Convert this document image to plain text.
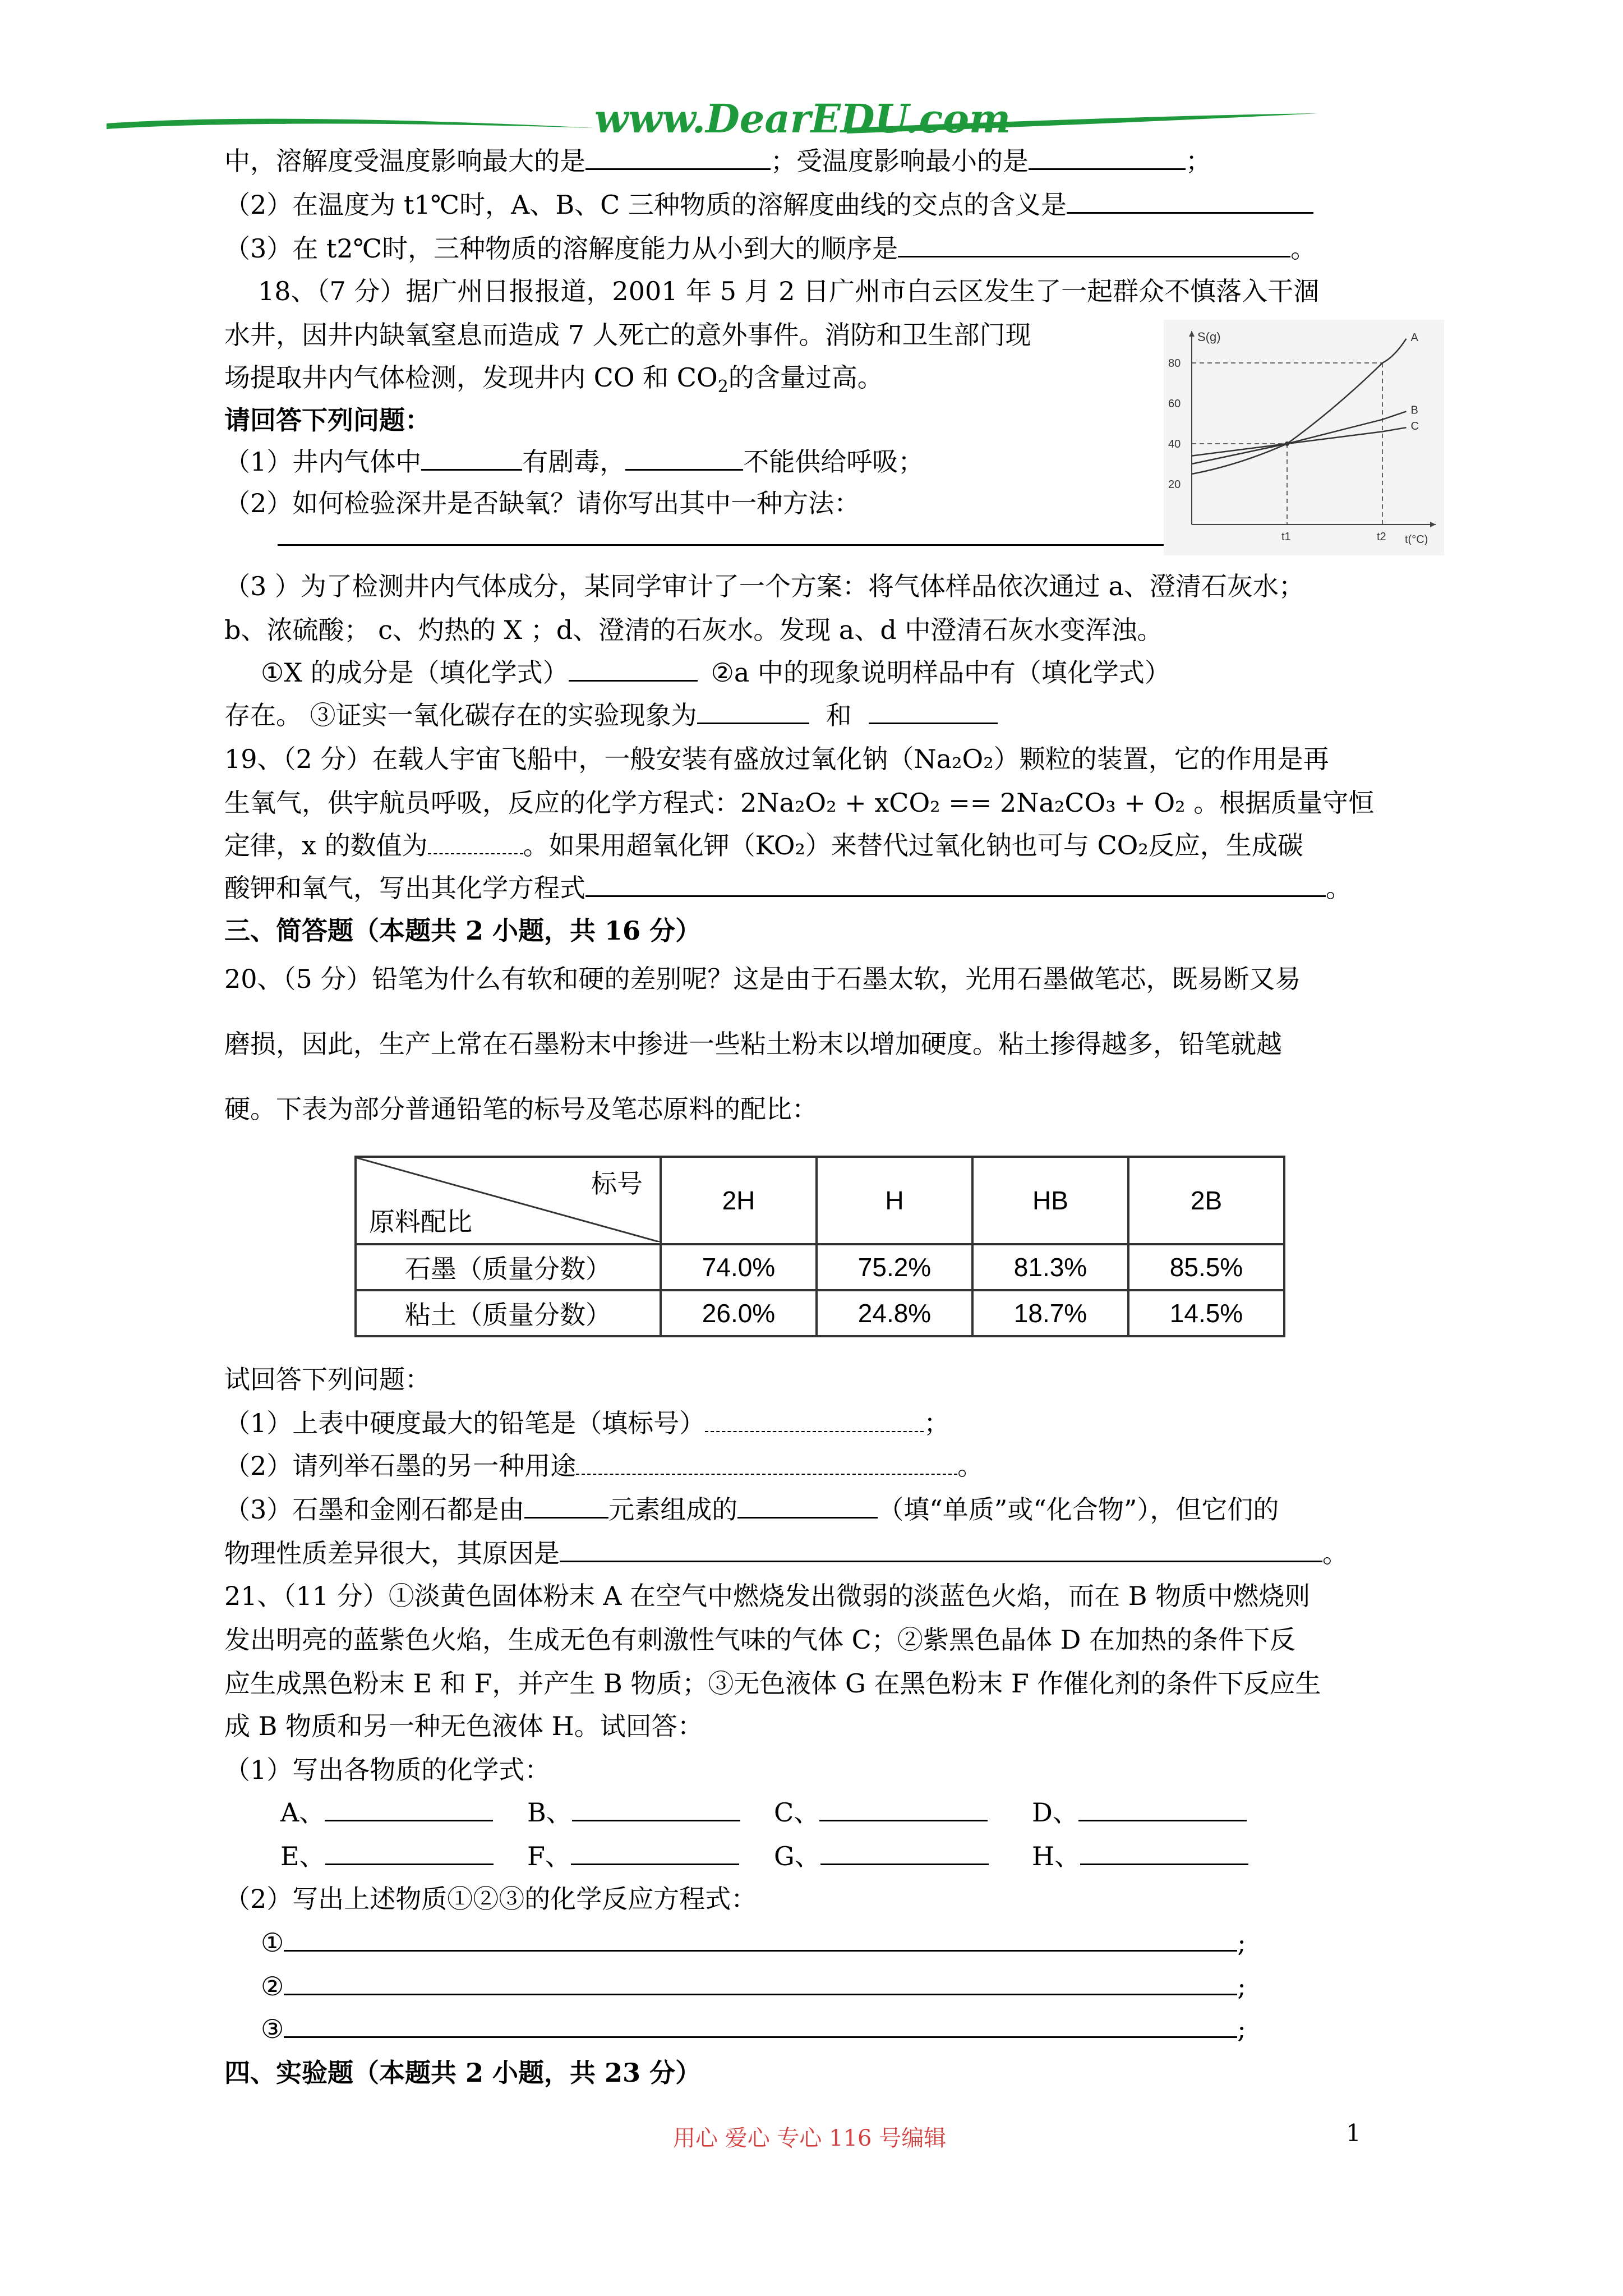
www.DearEDU.com
中，溶解度受温度影响最大的是	；受温度影响最小的是	；
（2）在温度为 t1℃时，A、B、C 三种物质的溶解度曲线的交点的含义是
（3）在 t2℃时，三种物质的溶解度能力从小到大的顺序是	。
18、（7 分）据广州日报报道，2001 年 5 月 2 日广州市白云区发生了一起群众不慎落入干涸
水井，因井内缺氧窒息而造成 7 人死亡的意外事件。消防和卫生部门现
场提取井内气体检测，发现井内 CO 和 $CO_2$的含量过高。
请回答下列问题：
（1）井内气体中	有剧毒，	不能供给呼吸；
（2）如何检验深井是否缺氧？请你写出其中一种方法：
S(g)
t(°C)
20
40
60
80
t1	t2
A
B
C
（3 ）为了检测井内气体成分，某同学审计了一个方案：将气体样品依次通过 a、澄清石灰水；
b、浓硫酸； c、灼热的 X ；d、澄清的石灰水。发现 a、d 中澄清石灰水变浑浊。
①X 的成分是（填化学式）	②a 中的现象说明样品中有（填化学式）
存在。 ③证实一氧化碳存在的实验现象为	和
19、（2 分）在载人宇宙飞船中，一般安装有盛放过氧化钠（Na₂O₂）颗粒的装置，它的作用是再
生氧气，供宇航员呼吸，反应的化学方程式：2Na₂O₂ + xCO₂ == 2Na₂CO₃ + O₂ 。根据质量守恒
定律，x 的数值为	。如果用超氧化钾（KO₂）来替代过氧化钠也可与 CO₂反应，生成碳
酸钾和氧气，写出其化学方程式	。
三、简答题（本题共 2 小题，共 16 分）
20、（5 分）铅笔为什么有软和硬的差别呢？这是由于石墨太软，光用石墨做笔芯，既易断又易
磨损，因此，生产上常在石墨粉末中掺进一些粘土粉末以增加硬度。粘土掺得越多，铅笔就越
硬。下表为部分普通铅笔的标号及笔芯原料的配比：
标号
原料配比	2H	H	HB	2B
石墨（质量分数）	74.0%	75.2%	81.3%	85.5%
粘土（质量分数）	26.0%	24.8%	18.7%	14.5%
试回答下列问题：
（1）上表中硬度最大的铅笔是（填标号）	；
（2）请列举石墨的另一种用途	。
（3）石墨和金刚石都是由	元素组成的	（填“单质”或“化合物”），但它们的
物理性质差异很大，其原因是	。
21、（11 分）①淡黄色固体粉末 A 在空气中燃烧发出微弱的淡蓝色火焰，而在 B 物质中燃烧则
发出明亮的蓝紫色火焰，生成无色有刺激性气味的气体 C；②紫黑色晶体 D 在加热的条件下反
应生成黑色粉末 E 和 F，并产生 B 物质；③无色液体 G 在黑色粉末 F 作催化剂的条件下反应生
成 B 物质和另一种无色液体 H。试回答：
（1）写出各物质的化学式：
A、	B、	C、	D、
E、	F、	G、	H、
（2）写出上述物质①②③的化学反应方程式：
①	;
②	;
③	;
四、实验题（本题共 2 小题，共 23 分）
用心 爱心 专心 116 号编辑	1
